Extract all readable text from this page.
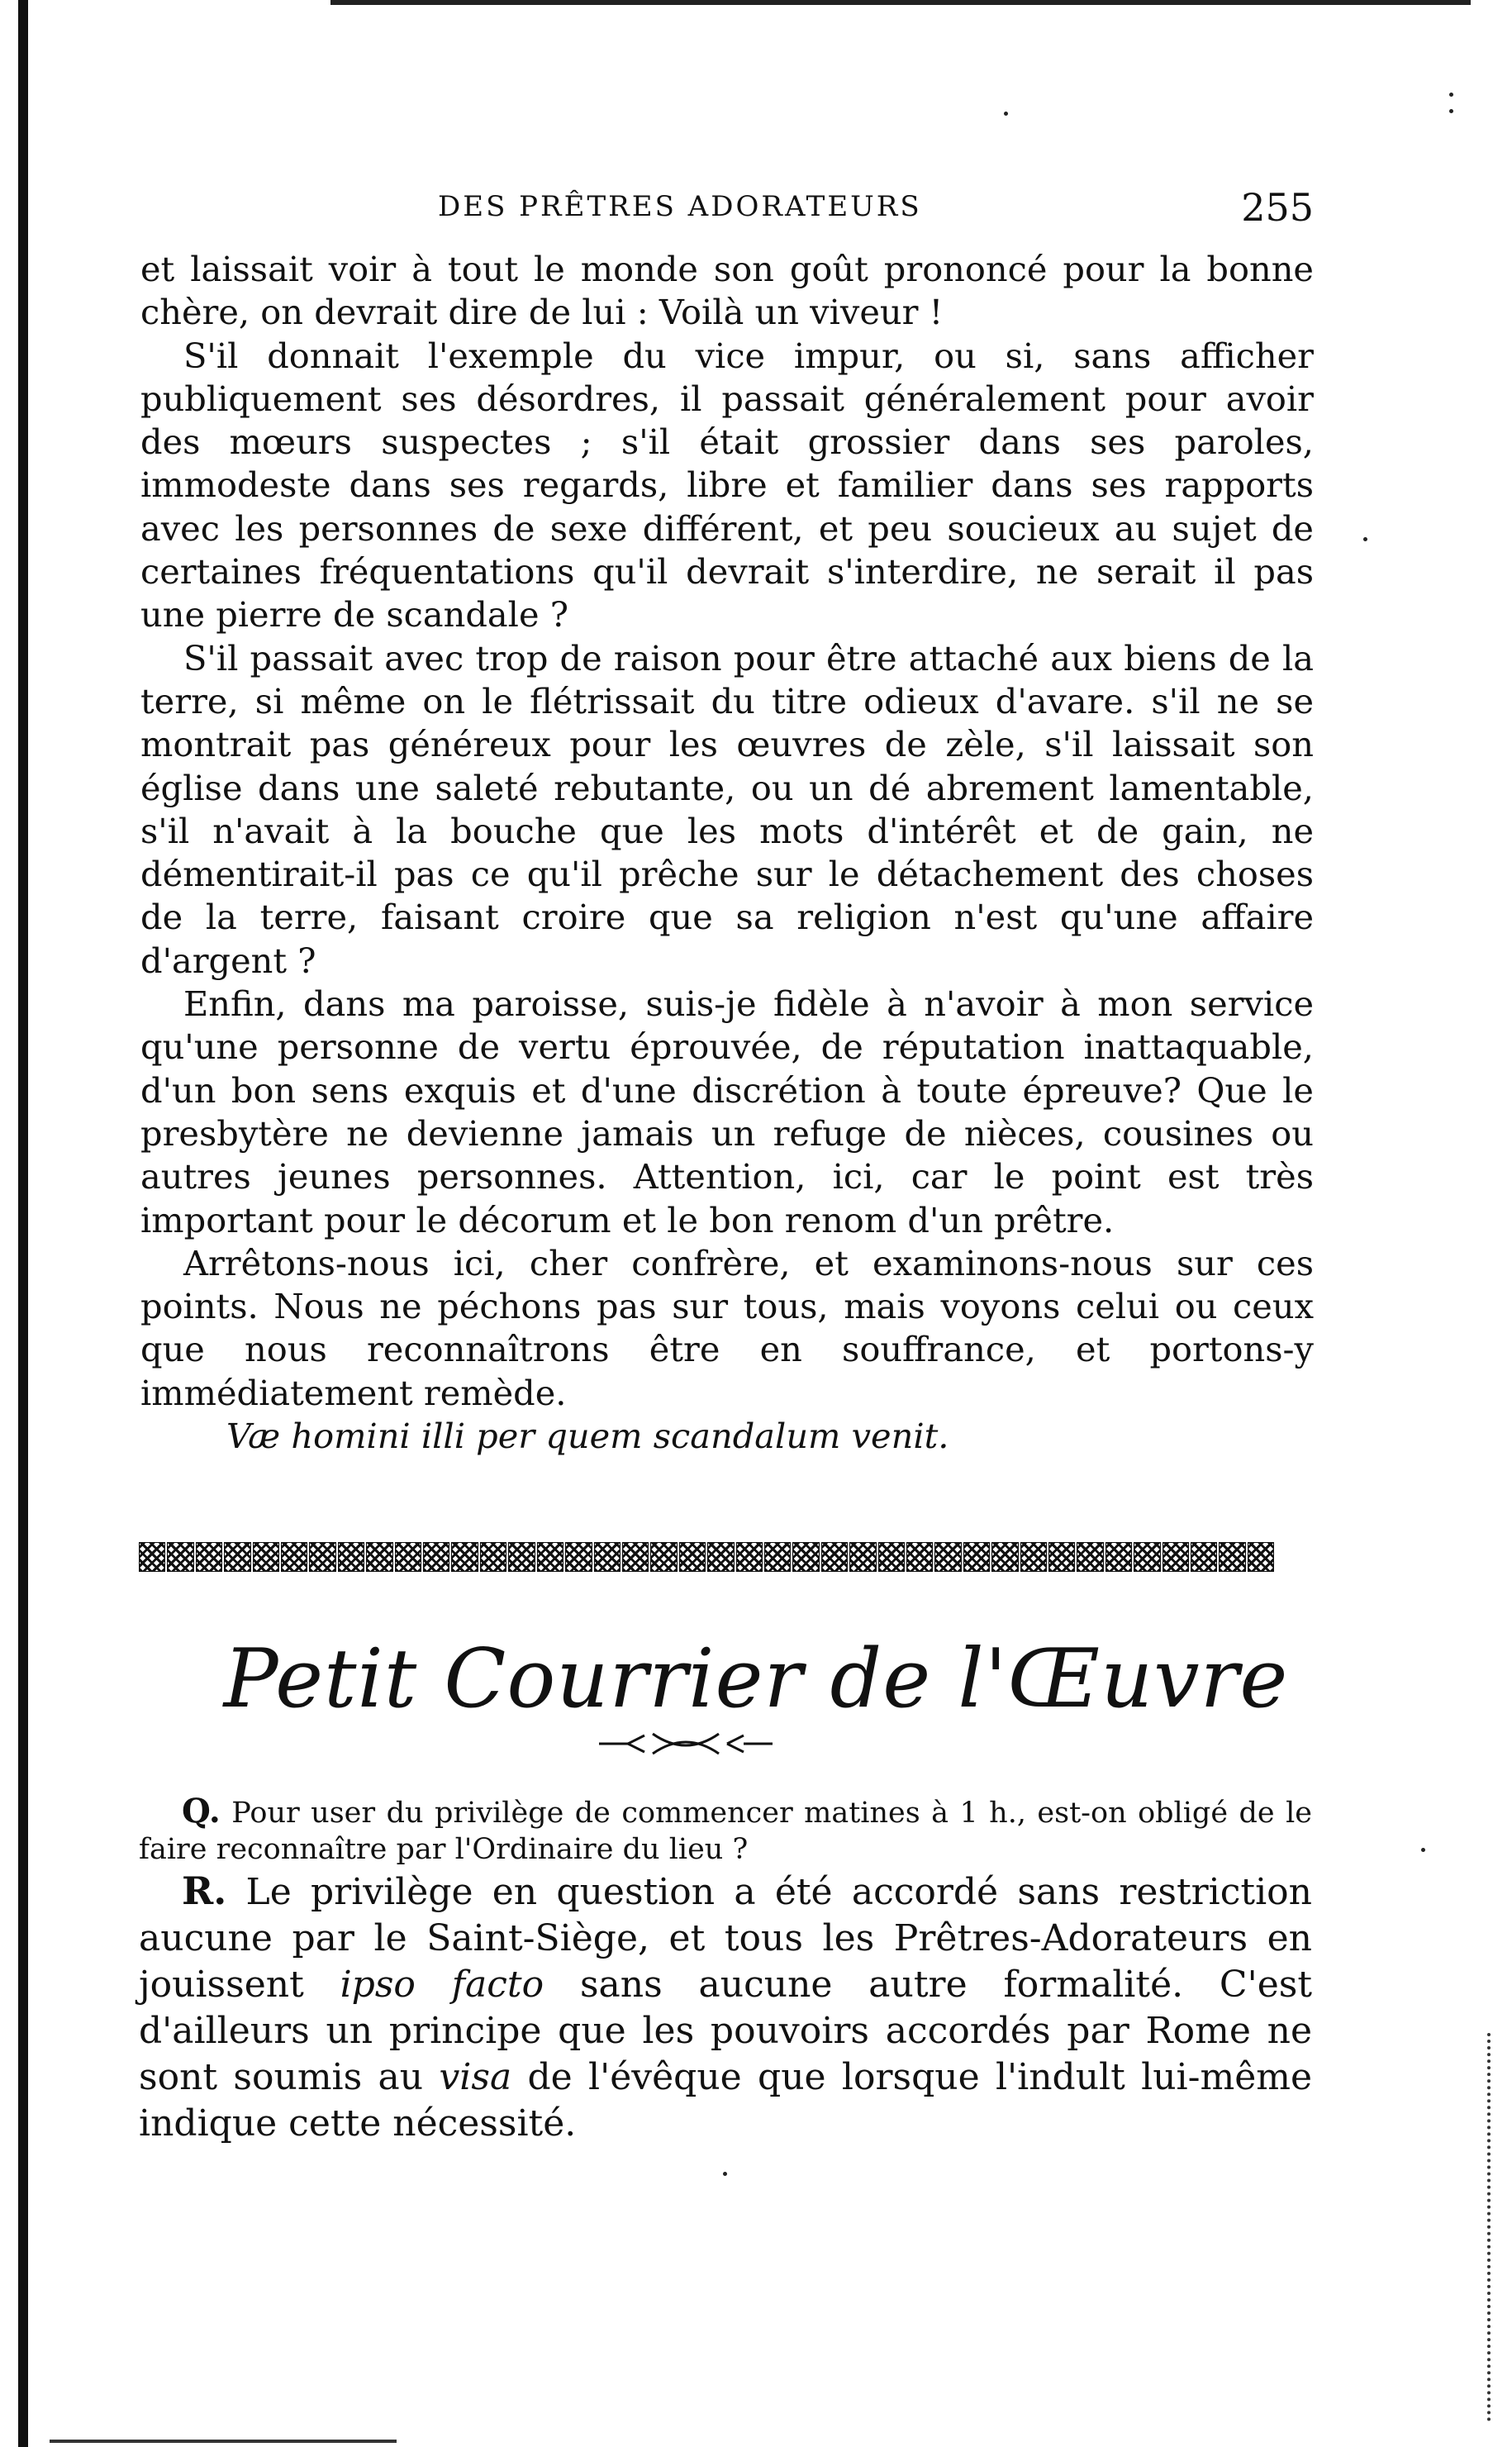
DES PRÊTRES ADORATEURS	255

et laissait voir à tout le monde son goût prononcé pour la bonne chère, on devrait dire de lui : Voilà un viveur !

S'il donnait l'exemple du vice impur, ou si, sans afficher publiquement ses désordres, il passait généralement pour avoir des mœurs suspectes ; s'il était grossier dans ses paroles, immodeste dans ses regards, libre et familier dans ses rapports avec les personnes de sexe différent, et peu soucieux au sujet de certaines fréquentations qu'il devrait s'interdire, ne serait il pas une pierre de scandale ?

S'il passait avec trop de raison pour être attaché aux biens de la terre, si même on le flétrissait du titre odieux d'avare. s'il ne se montrait pas généreux pour les œuvres de zèle, s'il laissait son église dans une saleté rebutante, ou un dé abrement lamentable, s'il n'avait à la bouche que les mots d'intérêt et de gain, ne démentirait-il pas ce qu'il prêche sur le détachement des choses de la terre, faisant croire que sa religion n'est qu'une affaire d'argent ?

Enfin, dans ma paroisse, suis-je fidèle à n'avoir à mon service qu'une personne de vertu éprouvée, de réputation inattaquable, d'un bon sens exquis et d'une discrétion à toute épreuve? Que le presbytère ne devienne jamais un refuge de nièces, cousines ou autres jeunes personnes. Attention, ici, car le point est très important pour le décorum et le bon renom d'un prêtre.

Arrêtons-nous ici, cher confrère, et examinons-nous sur ces points. Nous ne péchons pas sur tous, mais voyons celui ou ceux que nous reconnaîtrons être en souffrance, et portons-y immédiatement remède.

Væ homini illi per quem scandalum venit.

Petit Courrier de l'Œuvre
Q. Pour user du privilège de commencer matines à 1 h., est-on obligé de le faire reconnaître par l'Ordinaire du lieu ?
R. Le privilège en question a été accordé sans restriction aucune par le Saint-Siège, et tous les Prêtres-Adorateurs en jouissent ipso facto sans aucune autre formalité. C'est d'ailleurs un principe que les pouvoirs accordés par Rome ne sont soumis au visa de l'évêque que lorsque l'indult lui-même indique cette nécessité.
